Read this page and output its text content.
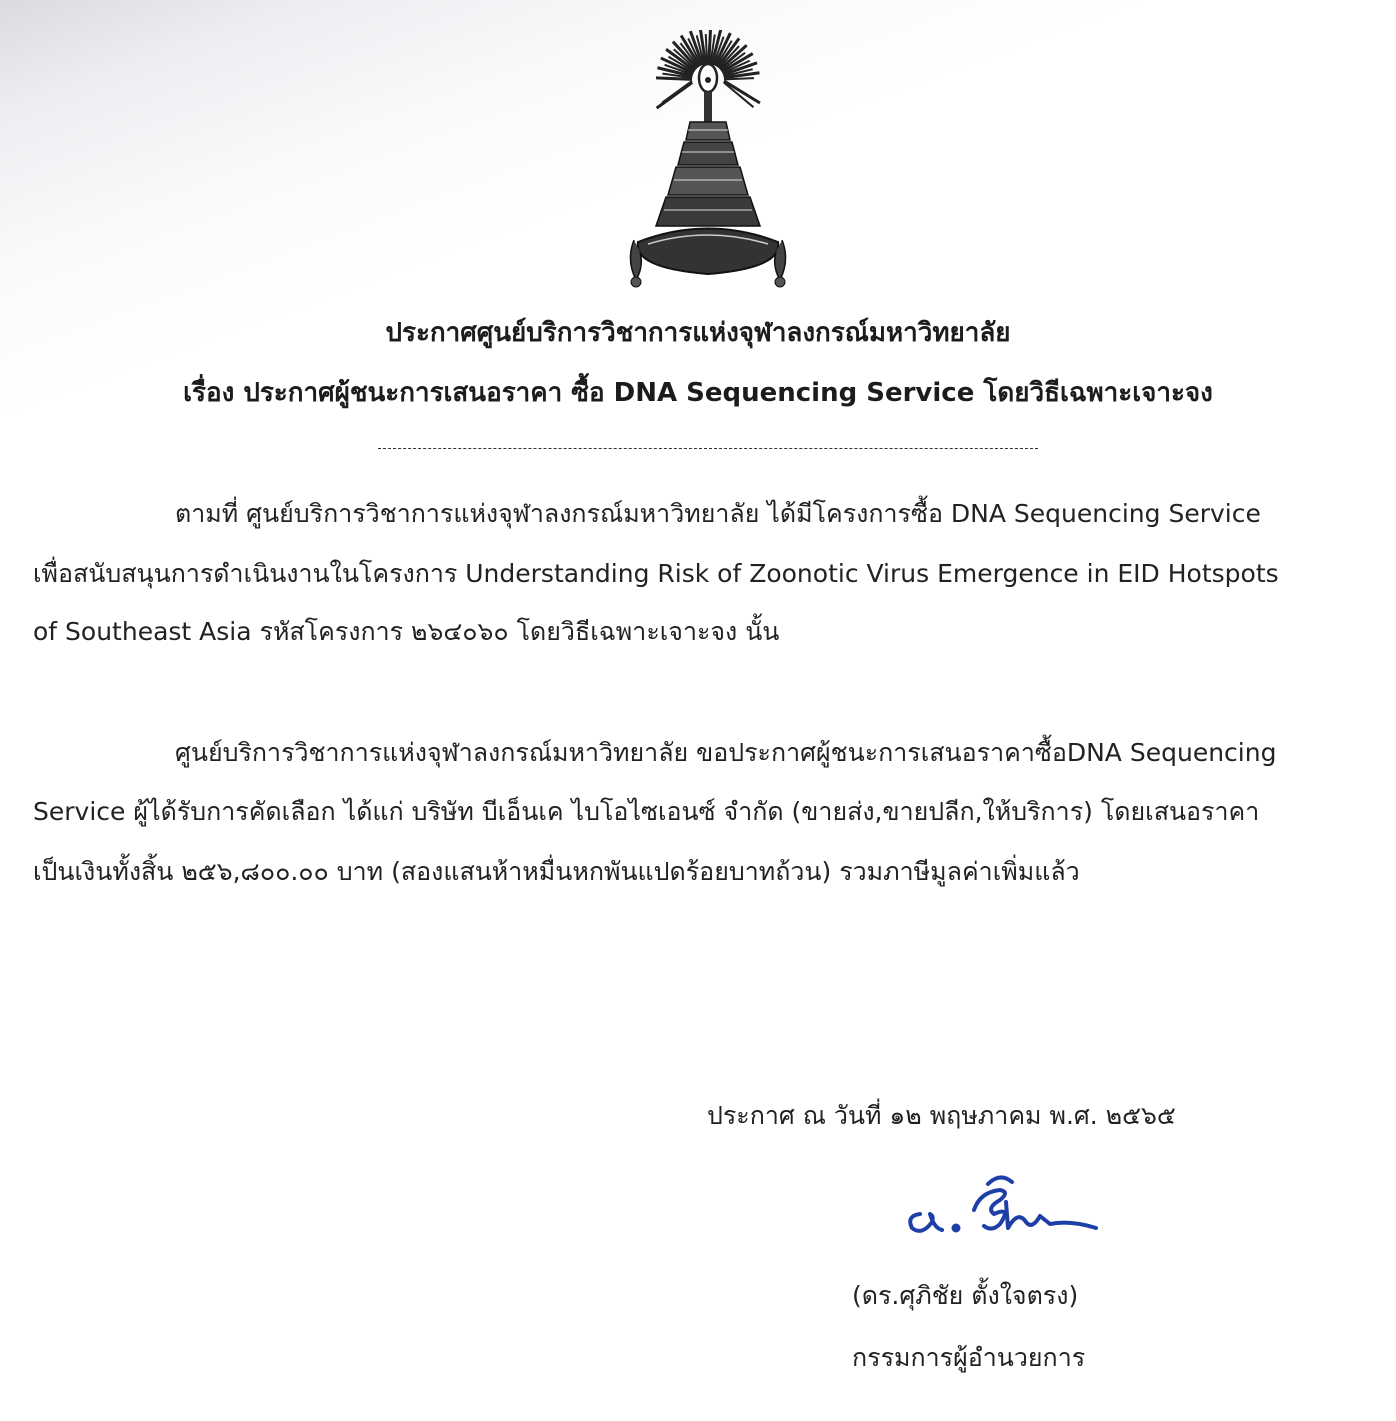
ประกาศศูนย์บริการวิชาการแห่งจุฬาลงกรณ์มหาวิทยาลัย
เรื่อง ประกาศผู้ชนะการเสนอราคา ซื้อ DNA Sequencing Service โดยวิธีเฉพาะเจาะจง
ตามที่ ศูนย์บริการวิชาการแห่งจุฬาลงกรณ์มหาวิทยาลัย ได้มีโครงการซื้อ DNA Sequencing Service
เพื่อสนับสนุนการดำเนินงานในโครงการ Understanding Risk of Zoonotic Virus Emergence in EID Hotspots
of Southeast Asia รหัสโครงการ ๒๖๔๐๖๐ โดยวิธีเฉพาะเจาะจง นั้น
ศูนย์บริการวิชาการแห่งจุฬาลงกรณ์มหาวิทยาลัย ขอประกาศผู้ชนะการเสนอราคาซื้อDNA Sequencing
Service ผู้ได้รับการคัดเลือก ได้แก่ บริษัท บีเอ็นเค ไบโอไซเอนซ์ จำกัด (ขายส่ง,ขายปลีก,ให้บริการ) โดยเสนอราคา
เป็นเงินทั้งสิ้น ๒๕๖,๘๐๐.๐๐ บาท (สองแสนห้าหมื่นหกพันแปดร้อยบาทถ้วน) รวมภาษีมูลค่าเพิ่มแล้ว
ประกาศ ณ วันที่ ๑๒ พฤษภาคม พ.ศ. ๒๕๖๕
(ดร.ศุภิชัย ตั้งใจตรง)
กรรมการผู้อำนวยการ
